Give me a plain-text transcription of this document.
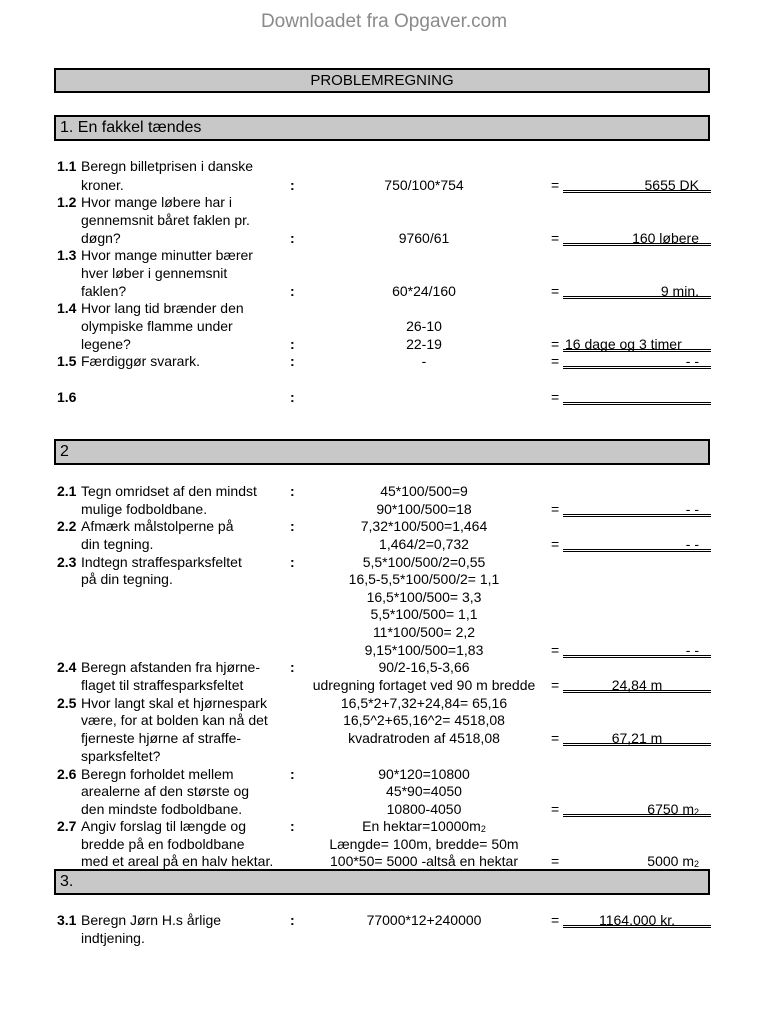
Downloadet fra Opgaver.com
PROBLEMREGNING
1. En fakkel tændes
1.1 Beregn billetprisen i danske
kroner.	:	750/100*754	=	5655 DK
1.2 Hvor mange løbere har i
gennemsnit båret faklen pr.
døgn?	:	9760/61	=	160 løbere
1.3 Hvor mange minutter bærer
hver løber i gennemsnit
faklen?	:	60*24/160	=	9 min.
1.4 Hvor lang tid brænder den
olympiske flamme under	26-10
legene?	:	22-19	= 16 dage og 3 timer
1.5 Færdiggør svarark.	:	-	=	- -
1.6	:	=
2
2.1 Tegn omridset af den mindst :	45*100/500=9
mulige fodboldbane.	90*100/500=18	=	- -
2.2 Afmærk målstolperne på	:	7,32*100/500=1,464
din tegning.	1,464/2=0,732	=	- -
2.3 Indtegn straffesparksfeltet	:	5,5*100/500/2=0,55
på din tegning.	16,5-5,5*100/500/2= 1,1
16,5*100/500= 3,3
5,5*100/500= 1,1
11*100/500= 2,2
9,15*100/500=1,83	=	- -
2.4 Beregn afstanden fra hjørne- :	90/2-16,5-3,66
flaget til straffesparksfeltet	udregning fortaget ved 90 m bredde	=	24,84 m
2.5 Hvor langt skal et hjørnespark	16,5*2+7,32+24,84= 65,16
være, for at bolden kan nå det	16,5^2+65,16^2= 4518,08
fjerneste hjørne af straffe-	kvadratroden af 4518,08	=	67,21 m
sparksfeltet?
2.6 Beregn forholdet mellem	:	90*120=10800
arealerne af den største og	45*90=4050
den mindste fodboldbane.	10800-4050	=	6750 $m_2$
2.7 Angiv forslag til længde og	:	En $hektar=10000m_2$
bredde på en fodboldbane	Længde= 100m, bredde= 50m
med et areal på en halv hektar.	100*50= 5000 -altså en hektar	=	5000 $m_2$
3.
3.1 Beregn Jørn H.s årlige	:	77000*12+240000	=	1164.000 kr.
indtjening.
